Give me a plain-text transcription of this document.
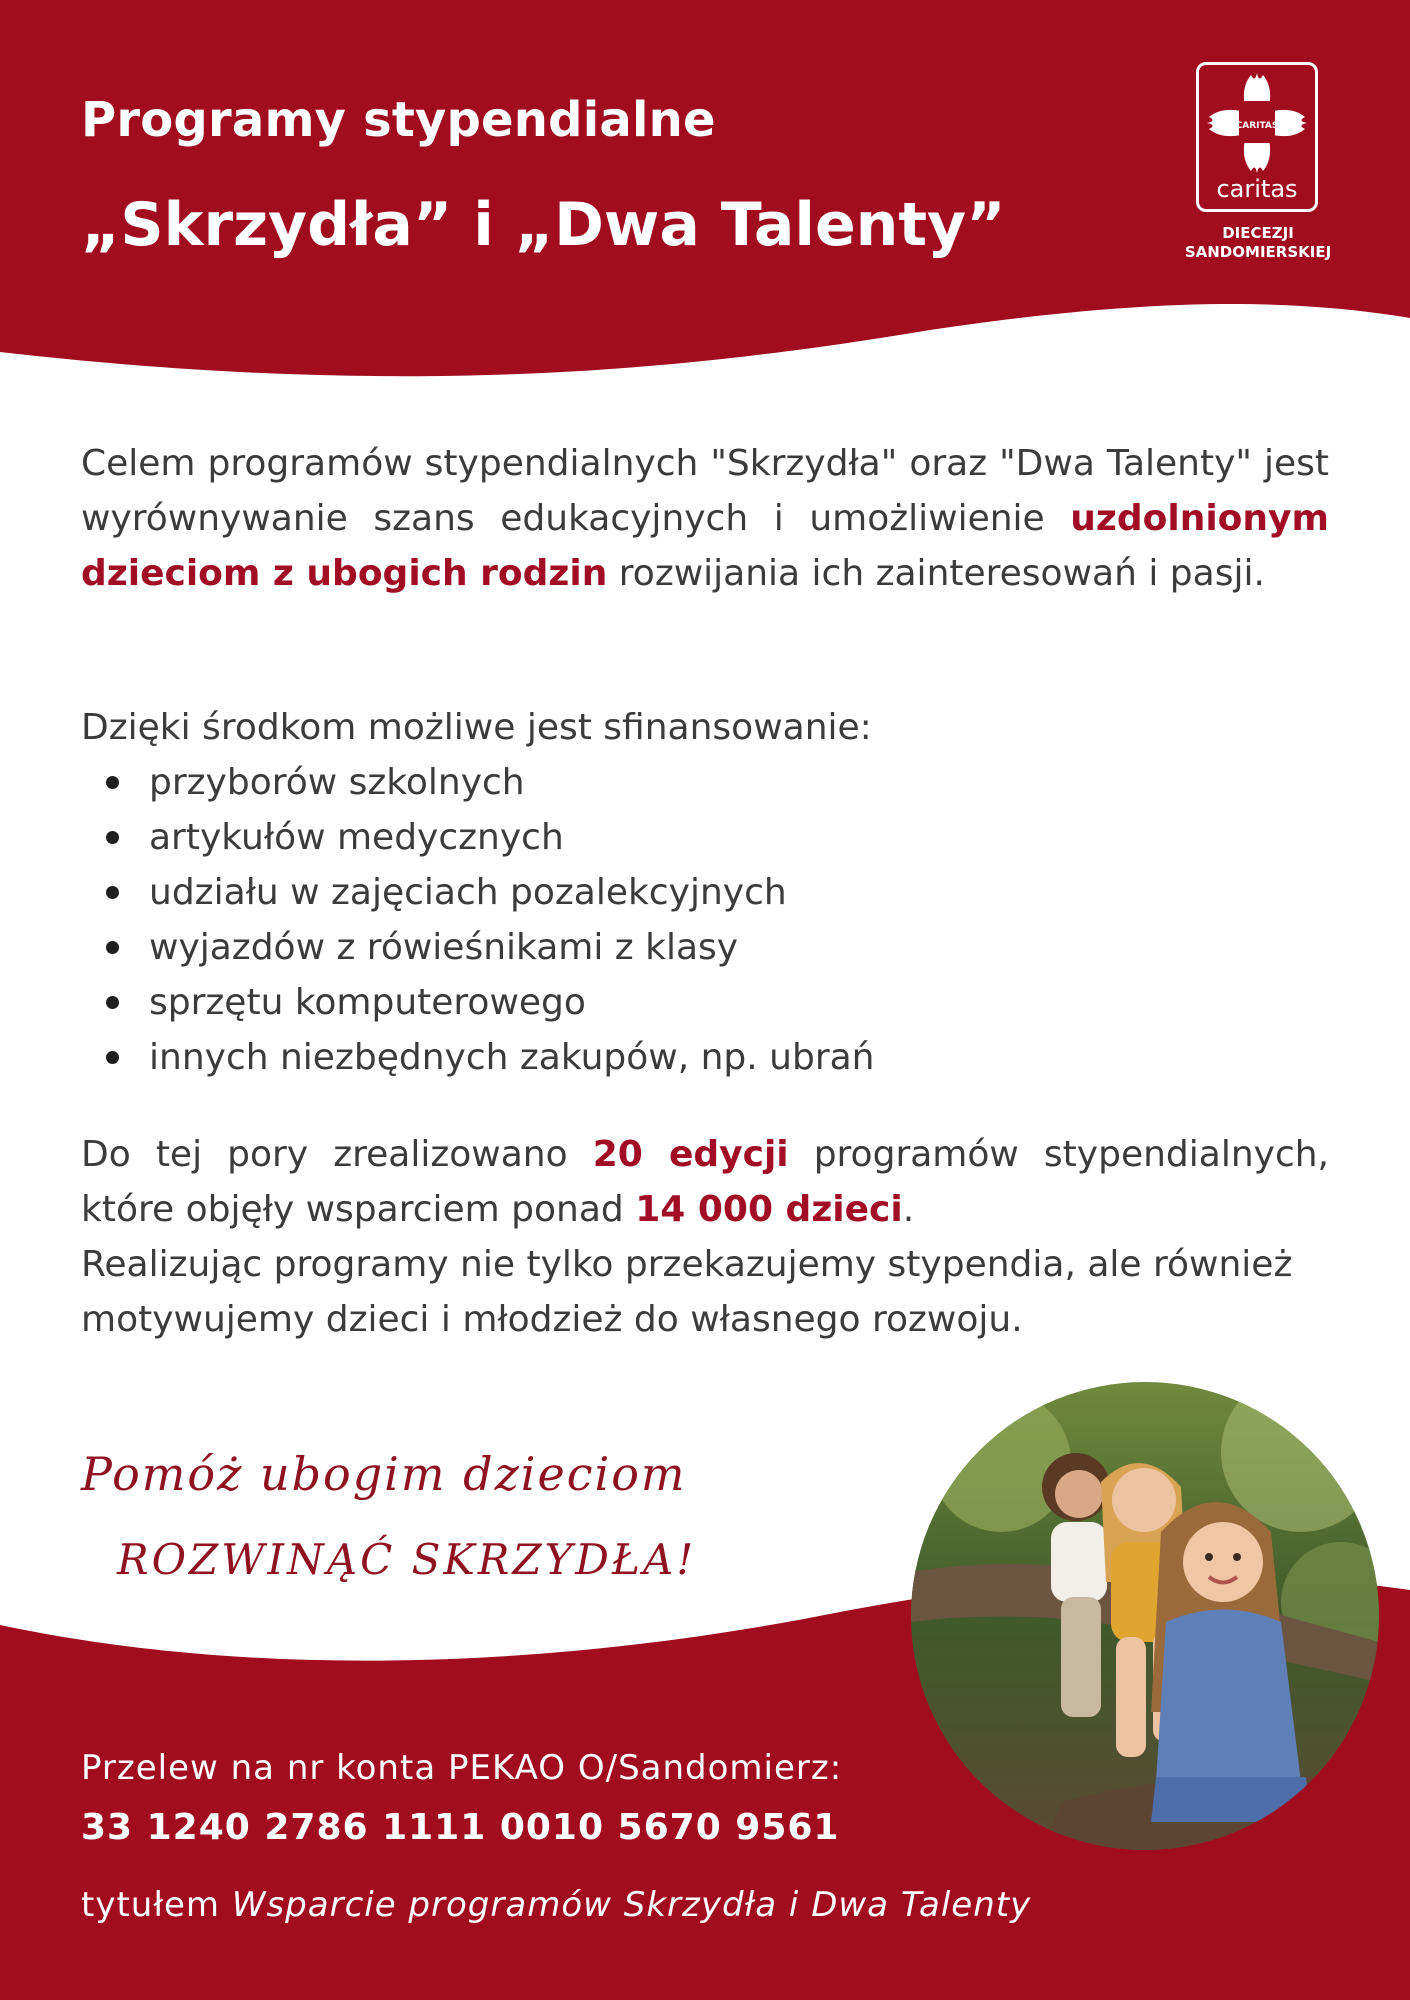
Programy stypendialne
„Skrzydła” i „Dwa Talenty”
CARITAS
caritas
DIECEZJI
SANDOMIERSKIEJ
Celem programów stypendialnych "Skrzydła" oraz "Dwa Talenty" jest wyrównywanie szans edukacyjnych i umożliwienie uzdolnionym dzieciom z ubogich rodzin rozwijania ich zainteresowań i pasji.
Dzięki środkom możliwe jest sfinansowanie:
przyborów szkolnych
artykułów medycznych
udziału w zajęciach pozalekcyjnych
wyjazdów z rówieśnikami z klasy
sprzętu komputerowego
innych niezbędnych zakupów, np. ubrań
Do tej pory zrealizowano 20 edycji programów stypendialnych, które objęły wsparciem ponad 14 000 dzieci.
Realizując programy nie tylko przekazujemy stypendia, ale również motywujemy dzieci i młodzież do własnego rozwoju.
Pomóż ubogim dzieciom
ROZWINĄĆ SKRZYDŁA!
Przelew na nr konta PEKAO O/Sandomierz:
33 1240 2786 1111 0010 5670 9561
tytułem Wsparcie programów Skrzydła i Dwa Talenty
